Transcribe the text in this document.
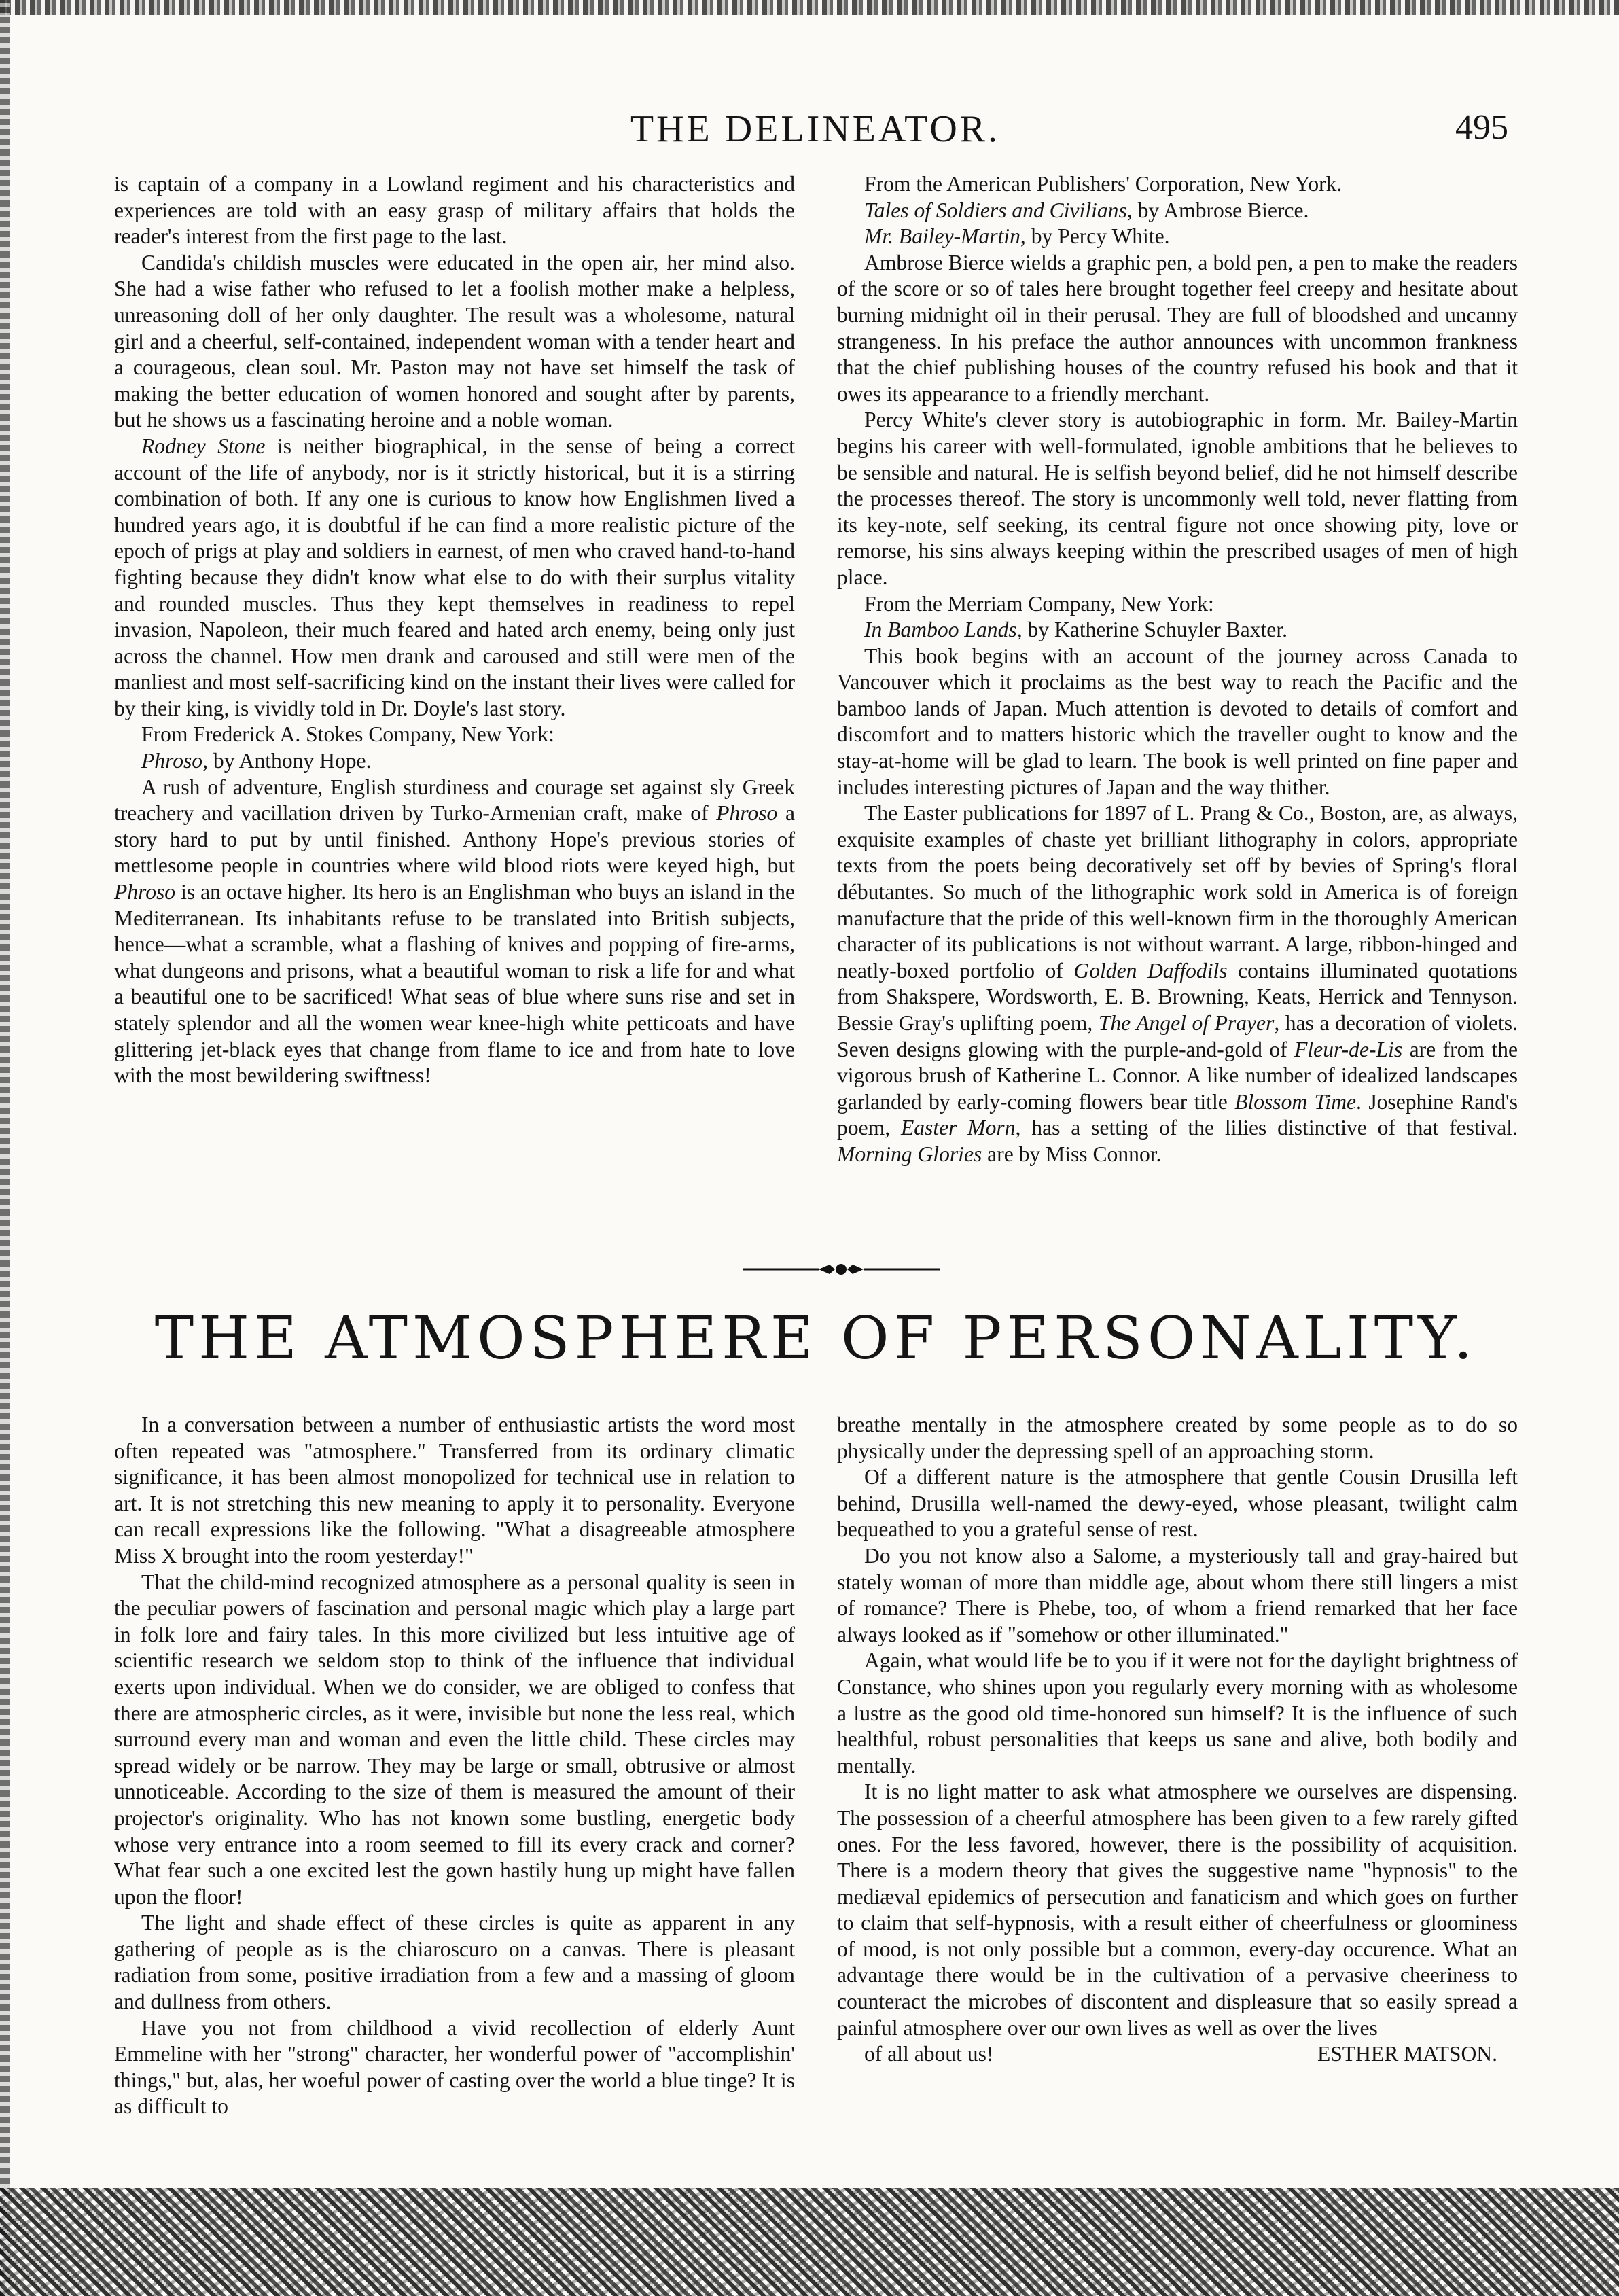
THE DELINEATOR.	495

is captain of a company in a Lowland regiment and his characteristics and experiences are told with an easy grasp of military affairs that holds the reader's interest from the first page to the last.

Candida's childish muscles were educated in the open air, her mind also. She had a wise father who refused to let a foolish mother make a helpless, unreasoning doll of her only daughter. The result was a wholesome, natural girl and a cheerful, self-contained, independent woman with a tender heart and a courageous, clean soul. Mr. Paston may not have set himself the task of making the better education of women honored and sought after by parents, but he shows us a fascinating heroine and a noble woman.

Rodney Stone is neither biographical, in the sense of being a correct account of the life of anybody, nor is it strictly historical, but it is a stirring combination of both. If any one is curious to know how Englishmen lived a hundred years ago, it is doubtful if he can find a more realistic picture of the epoch of prigs at play and soldiers in earnest, of men who craved hand-to-hand fighting because they didn't know what else to do with their surplus vitality and rounded muscles. Thus they kept themselves in readiness to repel invasion, Napoleon, their much feared and hated arch enemy, being only just across the channel. How men drank and caroused and still were men of the manliest and most self-sacrificing kind on the instant their lives were called for by their king, is vividly told in Dr. Doyle's last story.

From Frederick A. Stokes Company, New York:

Phroso, by Anthony Hope.

A rush of adventure, English sturdiness and courage set against sly Greek treachery and vacillation driven by Turko-Armenian craft, make of Phroso a story hard to put by until finished. Anthony Hope's previous stories of mettlesome people in countries where wild blood riots were keyed high, but Phroso is an octave higher. Its hero is an Englishman who buys an island in the Mediterranean. Its inhabitants refuse to be translated into British subjects, hence—what a scramble, what a flashing of knives and popping of fire-arms, what dungeons and prisons, what a beautiful woman to risk a life for and what a beautiful one to be sacrificed! What seas of blue where suns rise and set in stately splendor and all the women wear knee-high white petticoats and have glittering jet-black eyes that change from flame to ice and from hate to love with the most bewildering swiftness!

From the American Publishers' Corporation, New York.

Tales of Soldiers and Civilians, by Ambrose Bierce.

Mr. Bailey-Martin, by Percy White.

Ambrose Bierce wields a graphic pen, a bold pen, a pen to make the readers of the score or so of tales here brought together feel creepy and hesitate about burning midnight oil in their perusal. They are full of bloodshed and uncanny strangeness. In his preface the author announces with uncommon frankness that the chief publishing houses of the country refused his book and that it owes its appearance to a friendly merchant.

Percy White's clever story is autobiographic in form. Mr. Bailey-Martin begins his career with well-formulated, ignoble ambitions that he believes to be sensible and natural. He is selfish beyond belief, did he not himself describe the processes thereof. The story is uncommonly well told, never flatting from its key-note, self seeking, its central figure not once showing pity, love or remorse, his sins always keeping within the prescribed usages of men of high place.

From the Merriam Company, New York:

In Bamboo Lands, by Katherine Schuyler Baxter.

This book begins with an account of the journey across Canada to Vancouver which it proclaims as the best way to reach the Pacific and the bamboo lands of Japan. Much attention is devoted to details of comfort and discomfort and to matters historic which the traveller ought to know and the stay-at-home will be glad to learn. The book is well printed on fine paper and includes interesting pictures of Japan and the way thither.

The Easter publications for 1897 of L. Prang & Co., Boston, are, as always, exquisite examples of chaste yet brilliant lithography in colors, appropriate texts from the poets being decoratively set off by bevies of Spring's floral débutantes. So much of the lithographic work sold in America is of foreign manufacture that the pride of this well-known firm in the thoroughly American character of its publications is not without warrant. A large, ribbon-hinged and neatly-boxed portfolio of Golden Daffodils contains illuminated quotations from Shakspere, Wordsworth, E. B. Browning, Keats, Herrick and Tennyson. Bessie Gray's uplifting poem, The Angel of Prayer, has a decoration of violets. Seven designs glowing with the purple-and-gold of Fleur-de-Lis are from the vigorous brush of Katherine L. Connor. A like number of idealized landscapes garlanded by early-coming flowers bear title Blossom Time. Josephine Rand's poem, Easter Morn, has a setting of the lilies distinctive of that festival. Morning Glories are by Miss Connor.

THE ATMOSPHERE OF PERSONALITY.

In a conversation between a number of enthusiastic artists the word most often repeated was "atmosphere." Transferred from its ordinary climatic significance, it has been almost monopolized for technical use in relation to art. It is not stretching this new meaning to apply it to personality. Everyone can recall expressions like the following. "What a disagreeable atmosphere Miss X brought into the room yesterday!"

That the child-mind recognized atmosphere as a personal quality is seen in the peculiar powers of fascination and personal magic which play a large part in folk lore and fairy tales. In this more civilized but less intuitive age of scientific research we seldom stop to think of the influence that individual exerts upon individual. When we do consider, we are obliged to confess that there are atmospheric circles, as it were, invisible but none the less real, which surround every man and woman and even the little child. These circles may spread widely or be narrow. They may be large or small, obtrusive or almost unnoticeable. According to the size of them is measured the amount of their projector's originality. Who has not known some bustling, energetic body whose very entrance into a room seemed to fill its every crack and corner? What fear such a one excited lest the gown hastily hung up might have fallen upon the floor!

The light and shade effect of these circles is quite as apparent in any gathering of people as is the chiaroscuro on a canvas. There is pleasant radiation from some, positive irradiation from a few and a massing of gloom and dullness from others.

Have you not from childhood a vivid recollection of elderly Aunt Emmeline with her "strong" character, her wonderful power of "accomplishin' things," but, alas, her woeful power of casting over the world a blue tinge? It is as difficult to

breathe mentally in the atmosphere created by some people as to do so physically under the depressing spell of an approaching storm.

Of a different nature is the atmosphere that gentle Cousin Drusilla left behind, Drusilla well-named the dewy-eyed, whose pleasant, twilight calm bequeathed to you a grateful sense of rest.

Do you not know also a Salome, a mysteriously tall and gray-haired but stately woman of more than middle age, about whom there still lingers a mist of romance? There is Phebe, too, of whom a friend remarked that her face always looked as if "somehow or other illuminated."

Again, what would life be to you if it were not for the daylight brightness of Constance, who shines upon you regularly every morning with as wholesome a lustre as the good old time-honored sun himself? It is the influence of such healthful, robust personalities that keeps us sane and alive, both bodily and mentally.

It is no light matter to ask what atmosphere we ourselves are dispensing. The possession of a cheerful atmosphere has been given to a few rarely gifted ones. For the less favored, however, there is the possibility of acquisition. There is a modern theory that gives the suggestive name "hypnosis" to the mediæval epidemics of persecution and fanaticism and which goes on further to claim that self-hypnosis, with a result either of cheerfulness or gloominess of mood, is not only possible but a common, every-day occurence. What an advantage there would be in the cultivation of a pervasive cheeriness to counteract the microbes of discontent and displeasure that so easily spread a painful atmosphere over our own lives as well as over the lives

of all about us!	ESTHER MATSON.
